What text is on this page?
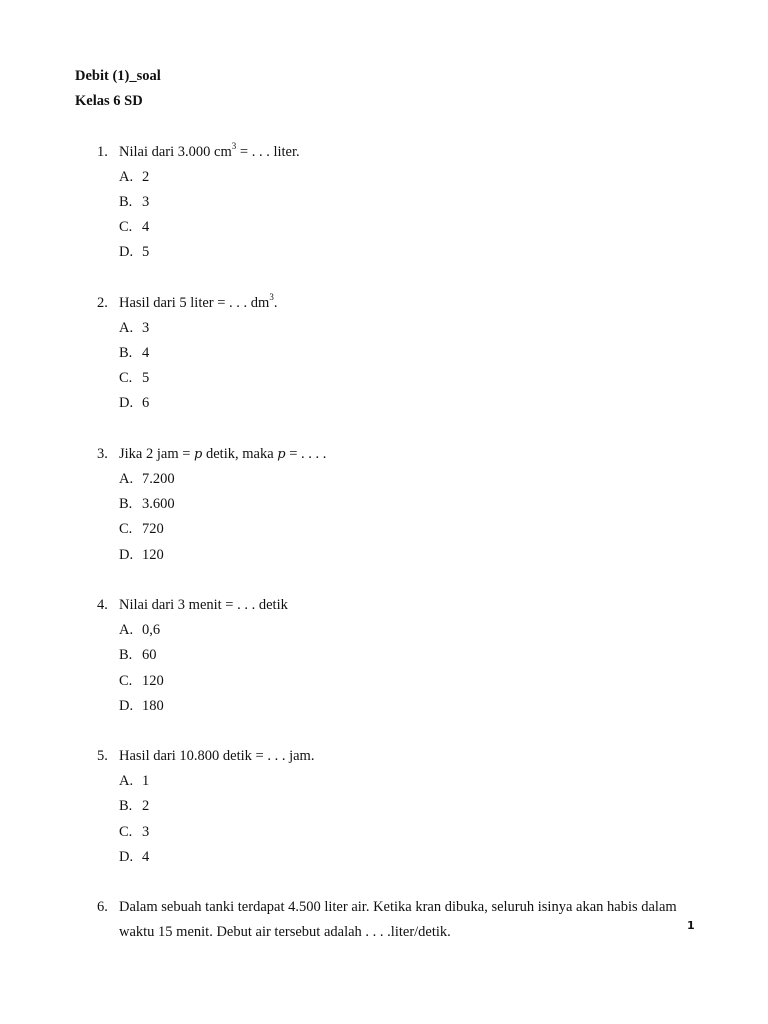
Debit (1)_soal
Kelas 6 SD
1. Nilai dari 3.000 $cm^3$ = . . . liter.
A. 2
B. 3
C. 4
D. 5
2. Hasil dari 5 liter = . . . $dm^3$.
A. 3
B. 4
C. 5
D. 6
3. Jika 2 jam = p detik, maka p = . . . .
A. 7.200
B. 3.600
C. 720
D. 120
4. Nilai dari 3 menit = . . . detik
A. 0,6
B. 60
C. 120
D. 180
5. Hasil dari 10.800 detik = . . . jam.
A. 1
B. 2
C. 3
D. 4
6. Dalam sebuah tanki terdapat 4.500 liter air. Ketika kran dibuka, seluruh isinya akan habis dalam waktu 15 menit. Debut air tersebut adalah . . . .liter/detik.	1
